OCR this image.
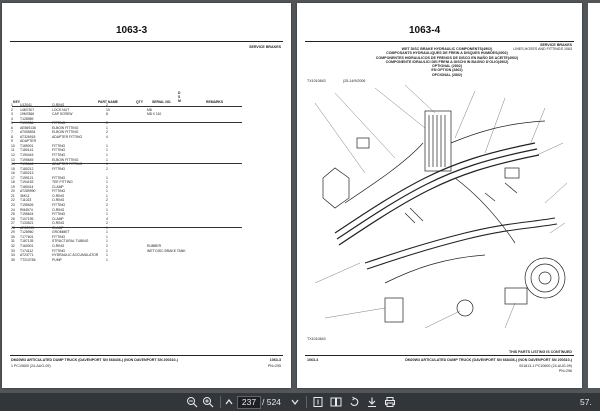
1063-3
SERVICE BRAKES
D
S
M
KEY	PART NAME	QTY	SERIAL NO.	REMARKS
1	U12041	O-RING	2		
2	14M7307	LOCK NUT	10		M8
3	19M7866	CAP SCREW	8		M8 X 110
4	T128989				
5	T199986	FITTING	2		
6	AE569136	ELBOW FITTING	1		
7	AT055834	ELBOW FITTING	2		
8	AT326918	ADAPTER FITTING	4		
9	ADAPTER				
10	T189001	FITTING	1		
11	T180141	FITTING	1		
12	T190443	FITTING	1		
13	T195645	ELBOW FITTING	1		
14	T195646	ADAPTER FITTING	1		
15	T180212	FITTING	2		
16	T180213				
17	T199121	FITTING	1		
18	T194153	TEE FITTING	1		
19	T180414	CLAMP	2		
20	AT289990	FITTING	1		
21	36K11	O-RING	1		
22	T11023	O-RING	2		
23	T195626	FITTING	2		
24	RM4574	O-RING	1		
25	T195624	FITTING	1		
26	T107195	CLAMP	4		
27	T133521	O-RING	2		
28	AR89915	CLAMP	1		
29	T128960	GROMMET	1		
30	T177601	FITTING	1		
31	T187135	STRUCTURAL TUBING	1		
32	T160001	O-RING	2		RUBBER
33	T174112	FITTING	1		WET DISC BRAKE TANK
34	AT23771	HYDRAULIC ACCUMULATOR	1		
35	TT210786	PUMP	1		
DM20W3 ARTICULATED DUMP TRUCK (DAVENPORT SN 668436-) (NON DAVENPORT SN 200310-)	1063-3
1 PC10600 (24-AUG-09)	PN=295
1063-4
SERVICE BRAKES
LINES,HOSES AND FITTINGS 1063
WET DISC BRAKE HYDRAULIC COMPONENTS(4902)
COMPOSANTS HYDRAULIQUES DE FREIN A DISQUES HUMIDES(4902)
COMPONENTES HIDRAULICOS DE FRENOS DE DISCO EN BAÑO DE ACEITE(4902)
COMPONENTE IDRAULICI DEI FRENI A DISCHI IN BAGNO D'OLIO(4902)
OPTIONAL (2802)
EN OPTION (2802)
OPCIONAL (2802)
TX1010843	(25-14/9/2006
TX1010843
THIS PARTS LISTING IS CONTINUED
1063-4	DM20W3 ARTICULATED DUMP TRUCK (DAVENPORT SN 668436-) (NON DAVENPORT SN 200310-)
001813-1 PC10600 (24-AUG-09)
PN=296
237 / 524	57.
